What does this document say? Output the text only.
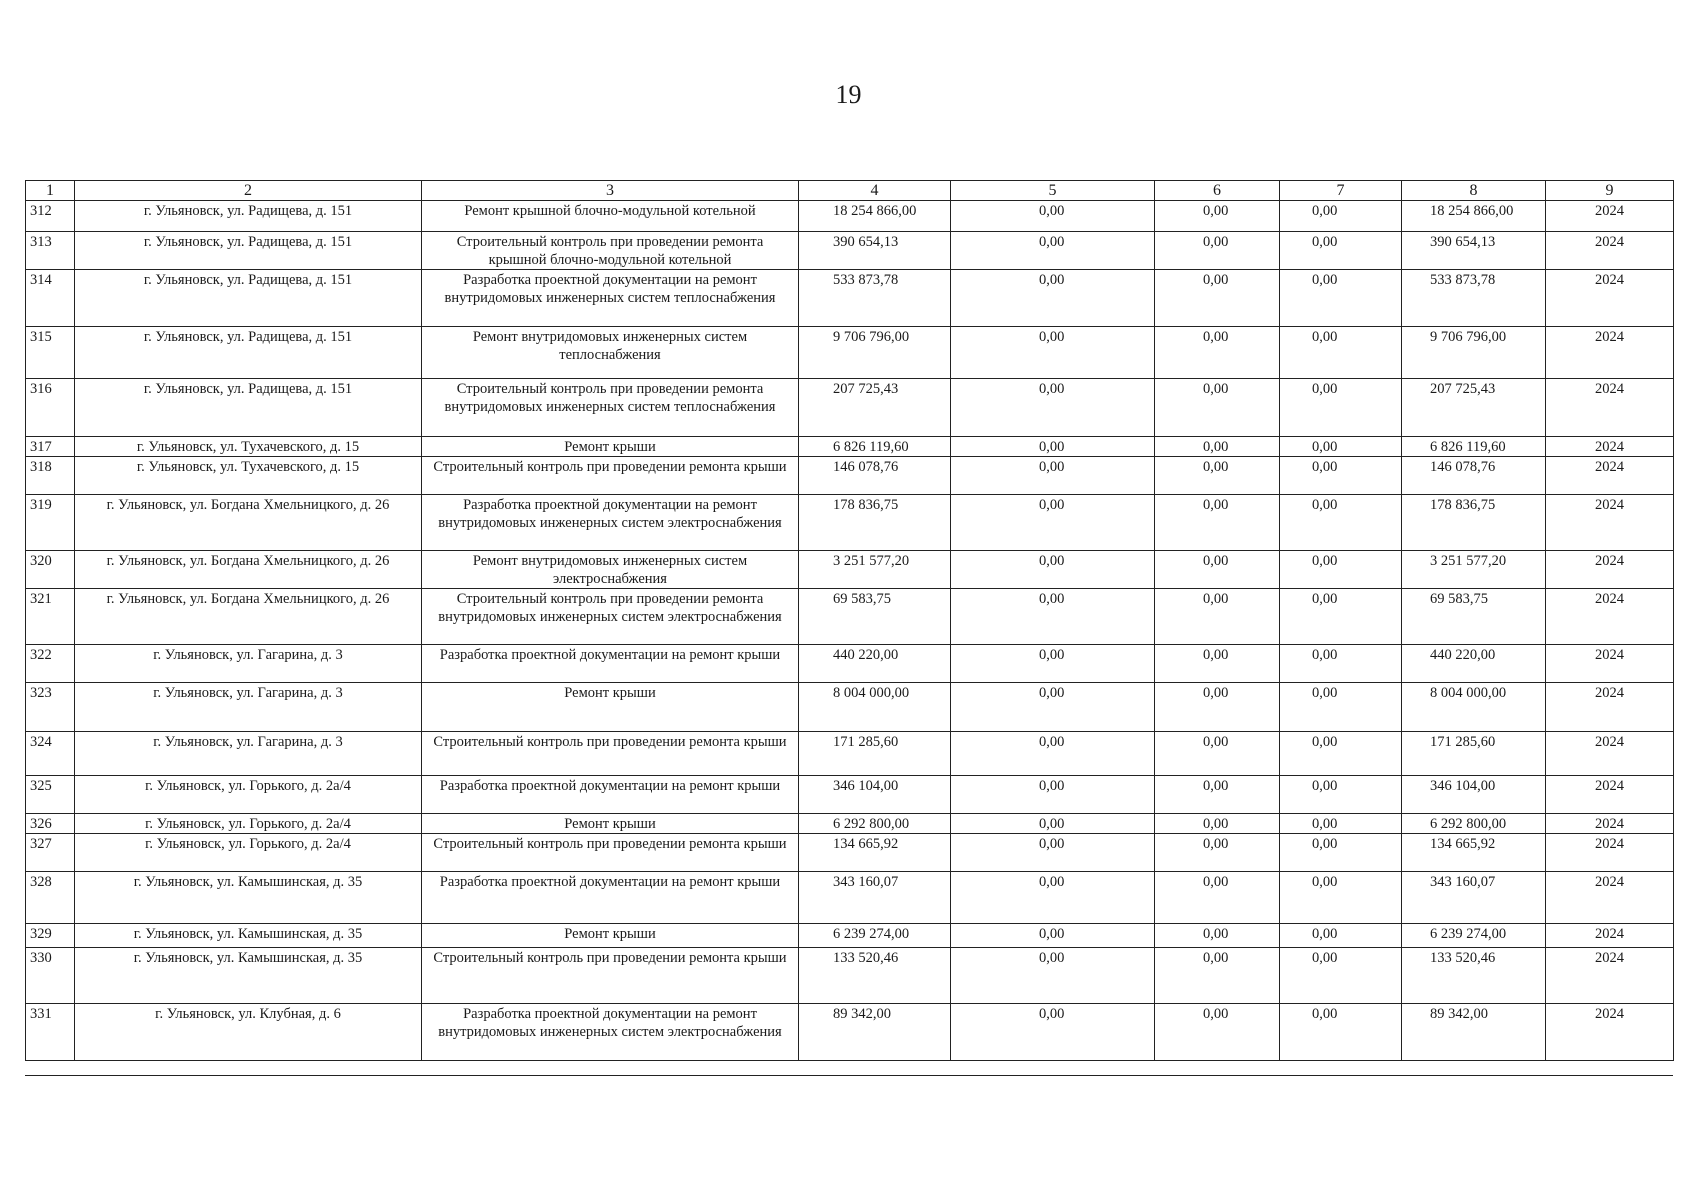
19
1	2	3	4	5	6	7	8	9
312	г. Ульяновск, ул. Радищева, д. 151	Ремонт крышной блочно-модульной котельной	18 254 866,00	0,00	0,00	0,00	18 254 866,00	2024
313	г. Ульяновск, ул. Радищева, д. 151	Строительный контроль при проведении ремонта крышной блочно-модульной котельной	390 654,13	0,00	0,00	0,00	390 654,13	2024
314	г. Ульяновск, ул. Радищева, д. 151	Разработка проектной документации на ремонт внутридомовых инженерных систем теплоснабжения	533 873,78	0,00	0,00	0,00	533 873,78	2024
315	г. Ульяновск, ул. Радищева, д. 151	Ремонт внутридомовых инженерных систем теплоснабжения	9 706 796,00	0,00	0,00	0,00	9 706 796,00	2024
316	г. Ульяновск, ул. Радищева, д. 151	Строительный контроль при проведении ремонта внутридомовых инженерных систем теплоснабжения	207 725,43	0,00	0,00	0,00	207 725,43	2024
317	г. Ульяновск, ул. Тухачевского, д. 15	Ремонт крыши	6 826 119,60	0,00	0,00	0,00	6 826 119,60	2024
318	г. Ульяновск, ул. Тухачевского, д. 15	Строительный контроль при проведении ремонта крыши	146 078,76	0,00	0,00	0,00	146 078,76	2024
319	г. Ульяновск, ул. Богдана Хмельницкого, д. 26	Разработка проектной документации на ремонт внутридомовых инженерных систем электроснабжения	178 836,75	0,00	0,00	0,00	178 836,75	2024
320	г. Ульяновск, ул. Богдана Хмельницкого, д. 26	Ремонт внутридомовых инженерных систем электроснабжения	3 251 577,20	0,00	0,00	0,00	3 251 577,20	2024
321	г. Ульяновск, ул. Богдана Хмельницкого, д. 26	Строительный контроль при проведении ремонта внутридомовых инженерных систем электроснабжения	69 583,75	0,00	0,00	0,00	69 583,75	2024
322	г. Ульяновск, ул. Гагарина, д. 3	Разработка проектной документации на ремонт крыши	440 220,00	0,00	0,00	0,00	440 220,00	2024
323	г. Ульяновск, ул. Гагарина, д. 3	Ремонт крыши	8 004 000,00	0,00	0,00	0,00	8 004 000,00	2024
324	г. Ульяновск, ул. Гагарина, д. 3	Строительный контроль при проведении ремонта крыши	171 285,60	0,00	0,00	0,00	171 285,60	2024
325	г. Ульяновск, ул. Горького, д. 2а/4	Разработка проектной документации на ремонт крыши	346 104,00	0,00	0,00	0,00	346 104,00	2024
326	г. Ульяновск, ул. Горького, д. 2а/4	Ремонт крыши	6 292 800,00	0,00	0,00	0,00	6 292 800,00	2024
327	г. Ульяновск, ул. Горького, д. 2а/4	Строительный контроль при проведении ремонта крыши	134 665,92	0,00	0,00	0,00	134 665,92	2024
328	г. Ульяновск, ул. Камышинская, д. 35	Разработка проектной документации на ремонт крыши	343 160,07	0,00	0,00	0,00	343 160,07	2024
329	г. Ульяновск, ул. Камышинская, д. 35	Ремонт крыши	6 239 274,00	0,00	0,00	0,00	6 239 274,00	2024
330	г. Ульяновск, ул. Камышинская, д. 35	Строительный контроль при проведении ремонта крыши	133 520,46	0,00	0,00	0,00	133 520,46	2024
331	г. Ульяновск, ул. Клубная, д. 6	Разработка проектной документации на ремонт внутридомовых инженерных систем электроснабжения	89 342,00	0,00	0,00	0,00	89 342,00	2024
